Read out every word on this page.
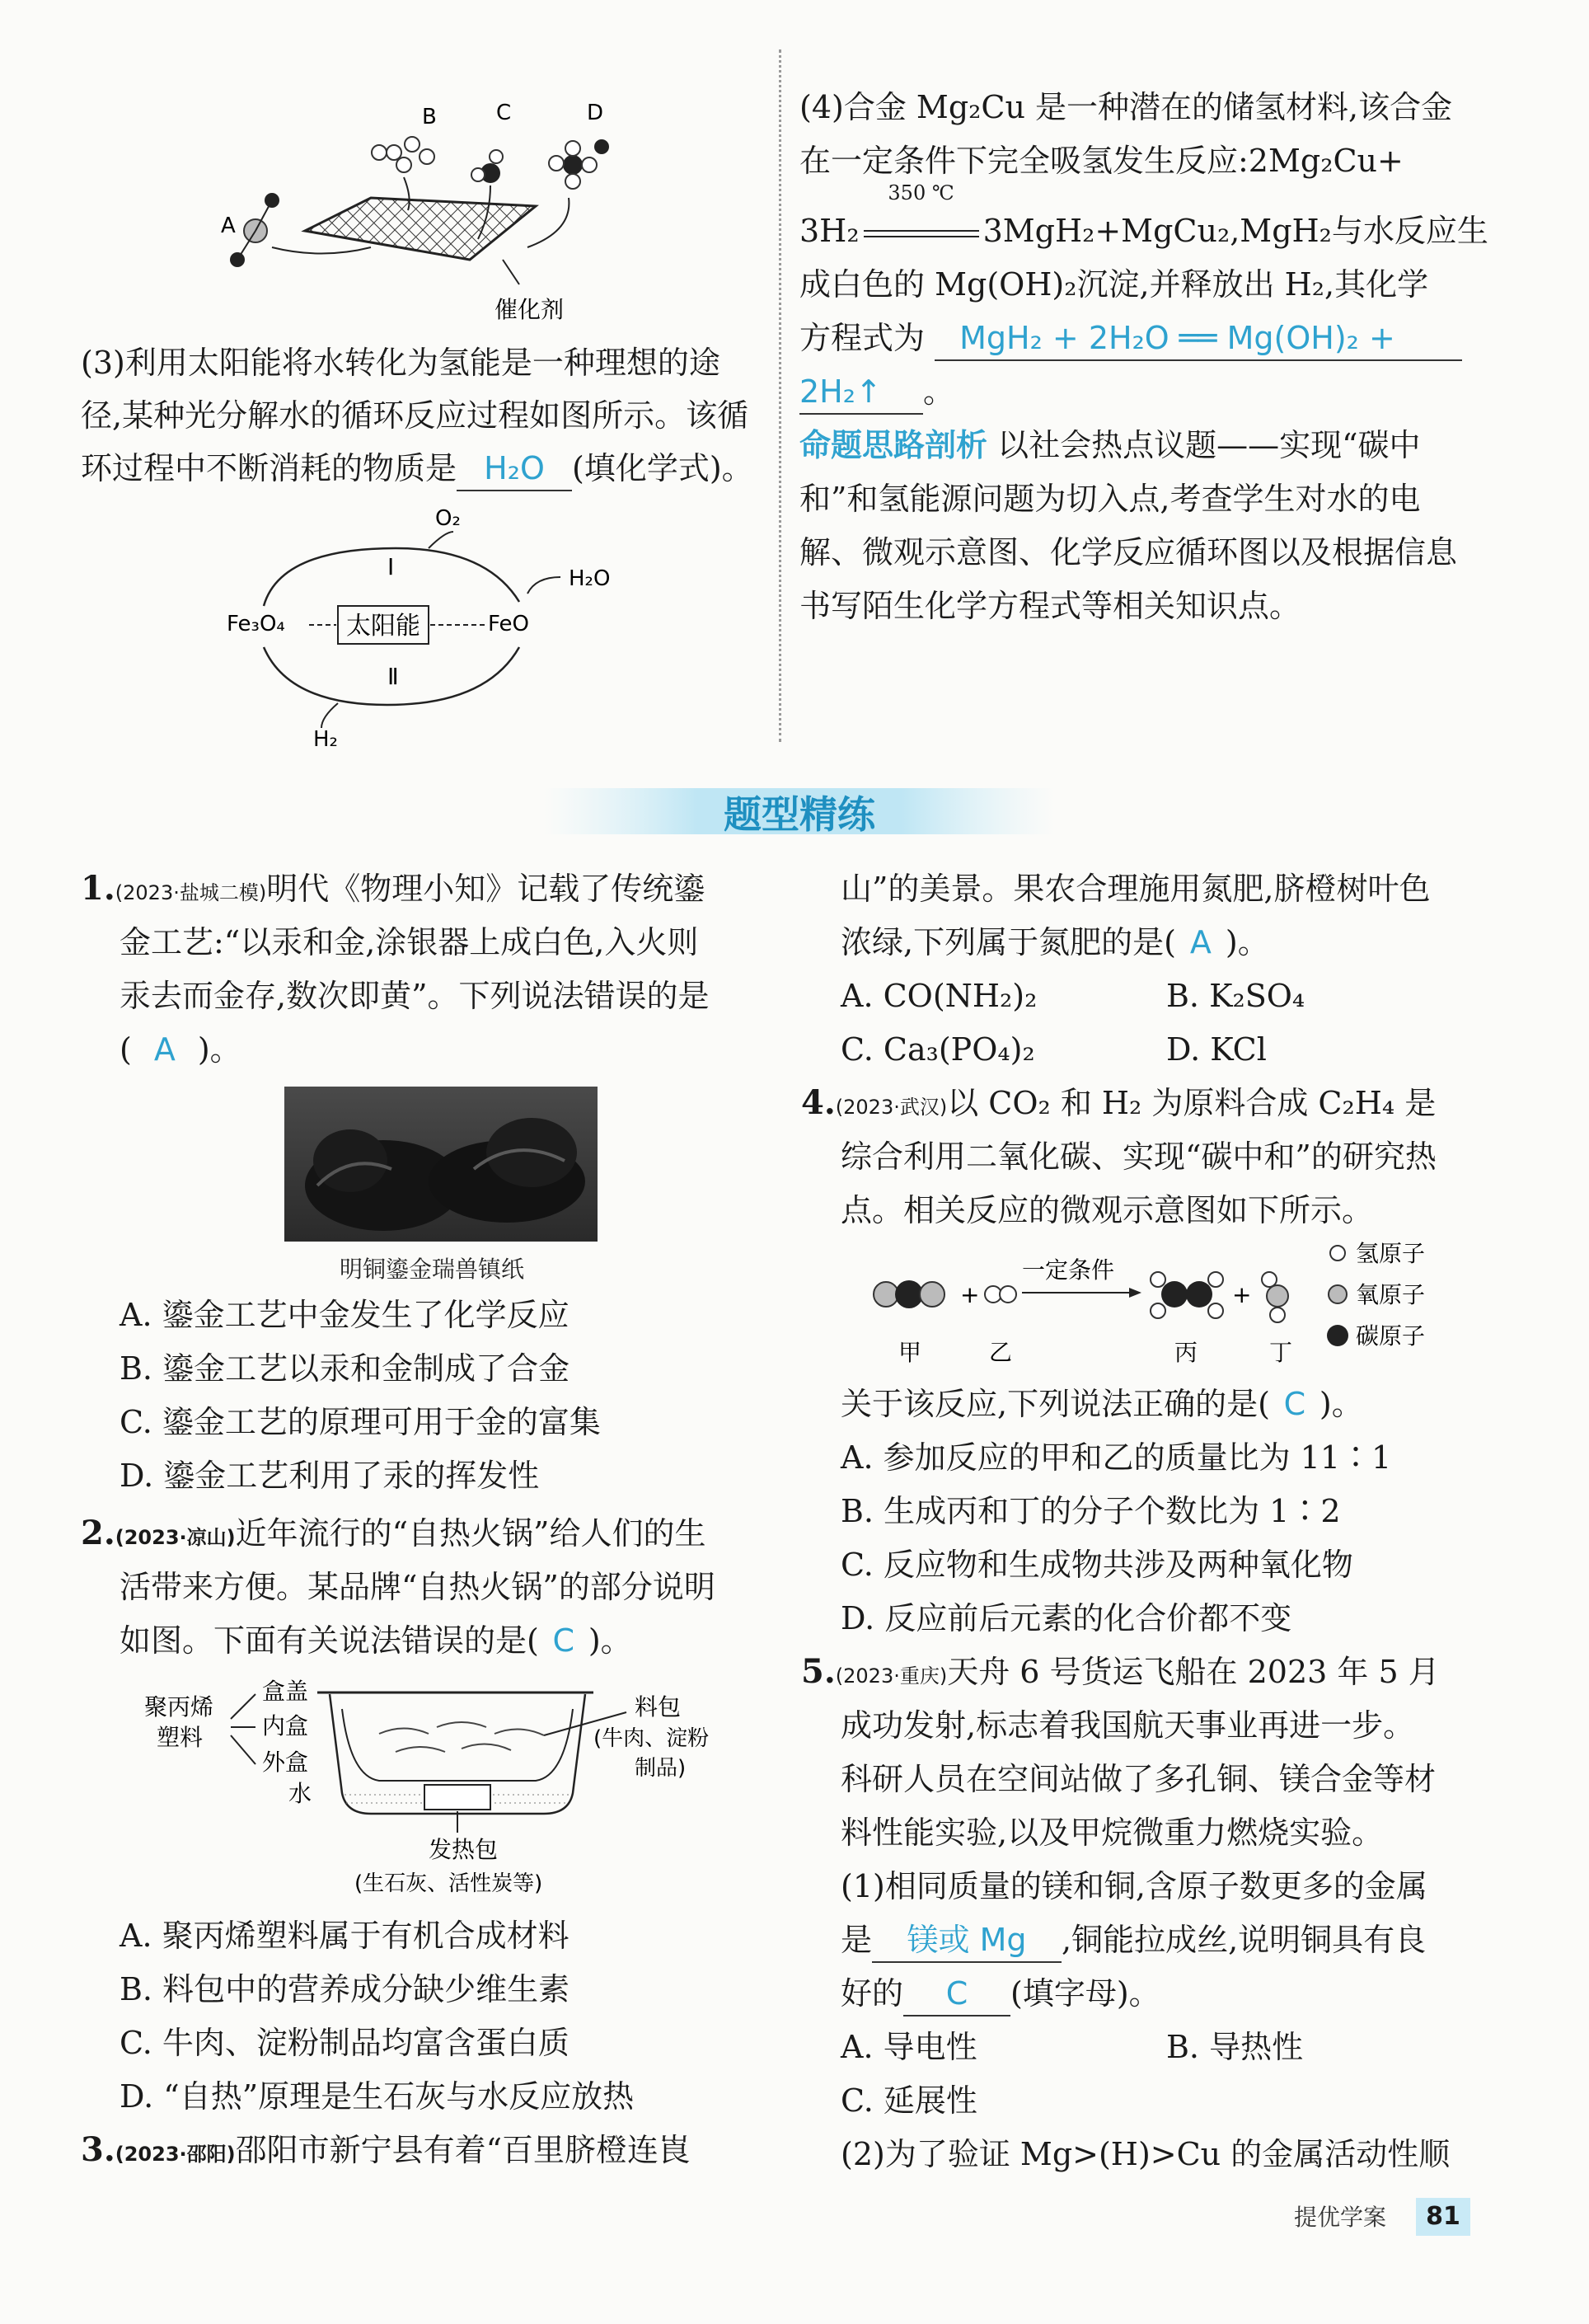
A
B	C	D
催化剂
(3)利用太阳能将水转化为氢能是一种理想的途
径,某种光分解水的循环反应过程如图所示。该循
环过程中不断消耗的物质是 H₂O (填化学式)。
O₂
H₂O
Fe₃O₄ 太阳能	FeO
H₂
Ⅰ
Ⅱ
(4)合金 Mg₂Cu 是一种潜在的储氢材料,该合金
在一定条件下完全吸氢发生反应:2Mg₂Cu+
3H₂
350 ℃
3MgH₂+MgCu₂,MgH₂与水反应生
成白色的 Mg(OH)₂沉淀,并释放出 H₂,其化学
方程式为 MgH₂ + 2H₂O ══ Mg(OH)₂ +
2H₂↑ 。
命题思路剖析 以社会热点议题——实现“碳中
和”和氢能源问题为切入点,考查学生对水的电
解、微观示意图、化学反应循环图以及根据信息
书写陌生化学方程式等相关知识点。
题型精练
1.(2023·盐城二模)明代《物理小知》记载了传统鎏
金工艺:“以汞和金,涂银器上成白色,入火则
汞去而金存,数次即黄”。下列说法错误的是
( A )。
明铜鎏金瑞兽镇纸
A. 鎏金工艺中金发生了化学反应
B. 鎏金工艺以汞和金制成了合金
C. 鎏金工艺的原理可用于金的富集
D. 鎏金工艺利用了汞的挥发性
2.(2023·凉山)近年流行的“自热火锅”给人们的生
活带来方便。某品牌“自热火锅”的部分说明
如图。下面有关说法错误的是( C )。
聚丙烯
塑料
盒盖
内盒
外盒
水
发热包
(生石灰、活性炭等)
料包
(牛肉、淀粉
制品)
A. 聚丙烯塑料属于有机合成材料
B. 料包中的营养成分缺少维生素
C. 牛肉、淀粉制品均富含蛋白质
D. “自热”原理是生石灰与水反应放热
3.(2023·邵阳)邵阳市新宁县有着“百里脐橙连崀
山”的美景。果农合理施用氮肥,脐橙树叶色
浓绿,下列属于氮肥的是( A )。
A. CO(NH₂)₂	B. K₂SO₄
C. Ca₃(PO₄)₂	D. KCl
4.(2023·武汉)以 CO₂ 和 H₂ 为原料合成 C₂H₄ 是
综合利用二氧化碳、实现“碳中和”的研究热
点。相关反应的微观示意图如下所示。
+
一定条件
+
甲	乙	丙	丁
氢原子
氧原子
碳原子
关于该反应,下列说法正确的是( C )。
A. 参加反应的甲和乙的质量比为 11∶1
B. 生成丙和丁的分子个数比为 1∶2
C. 反应物和生成物共涉及两种氧化物
D. 反应前后元素的化合价都不变
5.(2023·重庆)天舟 6 号货运飞船在 2023 年 5 月
成功发射,标志着我国航天事业再进一步。
科研人员在空间站做了多孔铜、镁合金等材
料性能实验,以及甲烷微重力燃烧实验。
(1)相同质量的镁和铜,含原子数更多的金属
是 镁或 Mg ,铜能拉成丝,说明铜具有良
好的 C (填字母)。
A. 导电性	B. 导热性
C. 延展性
(2)为了验证 Mg>(H)>Cu 的金属活动性顺
提优学案	81
